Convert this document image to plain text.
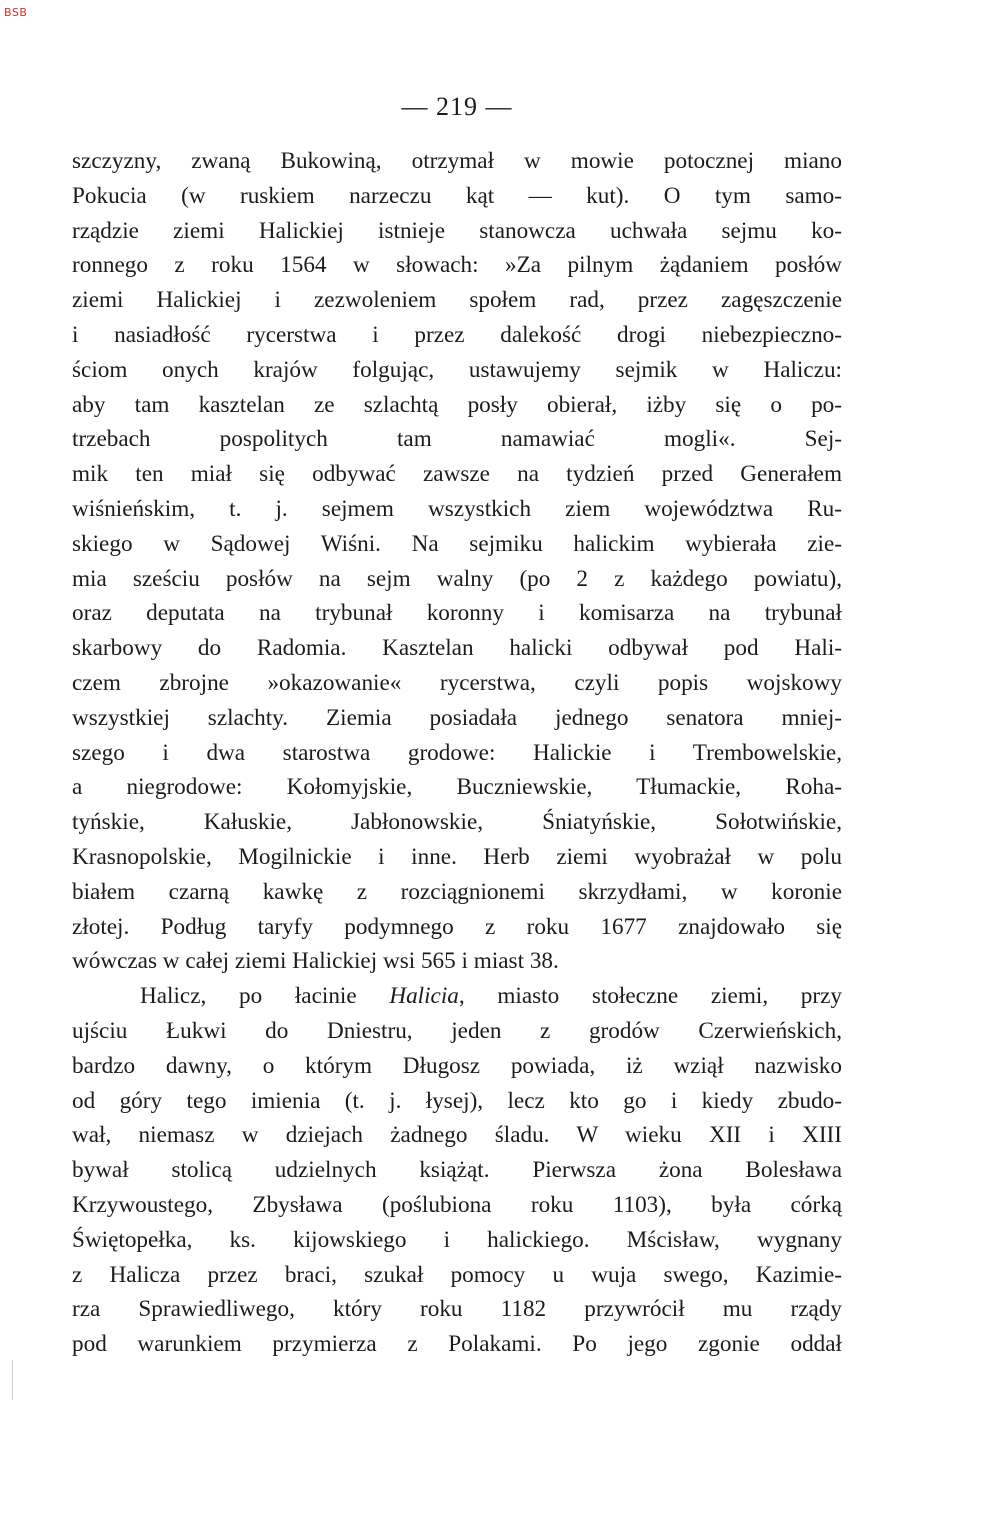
BSB
— 219 —
szczyzny, zwaną Bukowiną, otrzymał w mowie potocznej miano
Pokucia (w ruskiem narzeczu kąt — kut). O tym samo-
rządzie ziemi Halickiej istnieje stanowcza uchwała sejmu ko-
ronnego z roku 1564 w słowach: »Za pilnym żądaniem posłów
ziemi Halickiej i zezwoleniem społem rad, przez zagęszczenie
i nasiadłość rycerstwa i przez dalekość drogi niebezpieczno-
ściom onych krajów folgując, ustawujemy sejmik w Haliczu:
aby tam kasztelan ze szlachtą posły obierał, iżby się o po-
trzebach pospolitych tam namawiać mogli«. Sej-
mik ten miał się odbywać zawsze na tydzień przed Generałem
wiśnieńskim, t. j. sejmem wszystkich ziem województwa Ru-
skiego w Sądowej Wiśni. Na sejmiku halickim wybierała zie-
mia sześciu posłów na sejm walny (po 2 z każdego powiatu),
oraz deputata na trybunał koronny i komisarza na trybunał
skarbowy do Radomia. Kasztelan halicki odbywał pod Hali-
czem zbrojne »okazowanie« rycerstwa, czyli popis wojskowy
wszystkiej szlachty. Ziemia posiadała jednego senatora mniej-
szego i dwa starostwa grodowe: Halickie i Trembowelskie,
a niegrodowe: Kołomyjskie, Buczniewskie, Tłumackie, Roha-
tyńskie, Kałuskie, Jabłonowskie, Śniatyńskie, Sołotwińskie,
Krasnopolskie, Mogilnickie i inne. Herb ziemi wyobrażał w polu
białem czarną kawkę z rozciągnionemi skrzydłami, w koronie
złotej. Podług taryfy podymnego z roku 1677 znajdowało się
wówczas w całej ziemi Halickiej wsi 565 i miast 38.
Halicz, po łacinie Halicia, miasto stołeczne ziemi, przy
ujściu Łukwi do Dniestru, jeden z grodów Czerwieńskich,
bardzo dawny, o którym Długosz powiada, iż wziął nazwisko
od góry tego imienia (t. j. łysej), lecz kto go i kiedy zbudo-
wał, niemasz w dziejach żadnego śladu. W wieku XII i XIII
bywał stolicą udzielnych książąt. Pierwsza żona Bolesława
Krzywoustego, Zbysława (poślubiona roku 1103), była córką
Świętopełka, ks. kijowskiego i halickiego. Mścisław, wygnany
z Halicza przez braci, szukał pomocy u wuja swego, Kazimie-
rza Sprawiedliwego, który roku 1182 przywrócił mu rządy
pod warunkiem przymierza z Polakami. Po jego zgonie oddał
